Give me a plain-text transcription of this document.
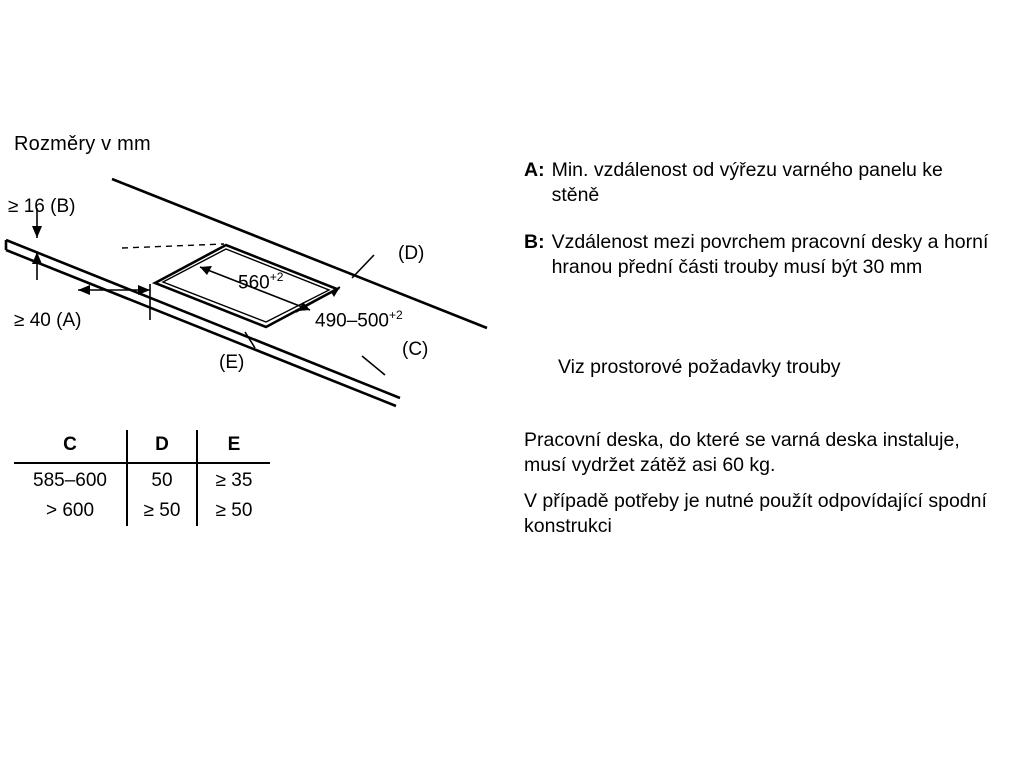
Rozměry v mm
≥ 16 (B)
≥ 40 (A)
$560^{+2}$
$490-500^{+2}$
(D)
(C)
(E)
C	D	E
585–600	50	≥ 35
> 600	≥ 50	≥ 50
A: Min. vzdálenost od výřezu varného panelu ke stěně
B: Vzdálenost mezi povrchem pracovní desky a horní hranou přední části trouby musí být 30 mm
Viz prostorové požadavky trouby

Pracovní deska, do které se varná deska instaluje, musí vydržet zátěž asi 60 kg.

V případě potřeby je nutné použít odpovídající spodní konstrukci
